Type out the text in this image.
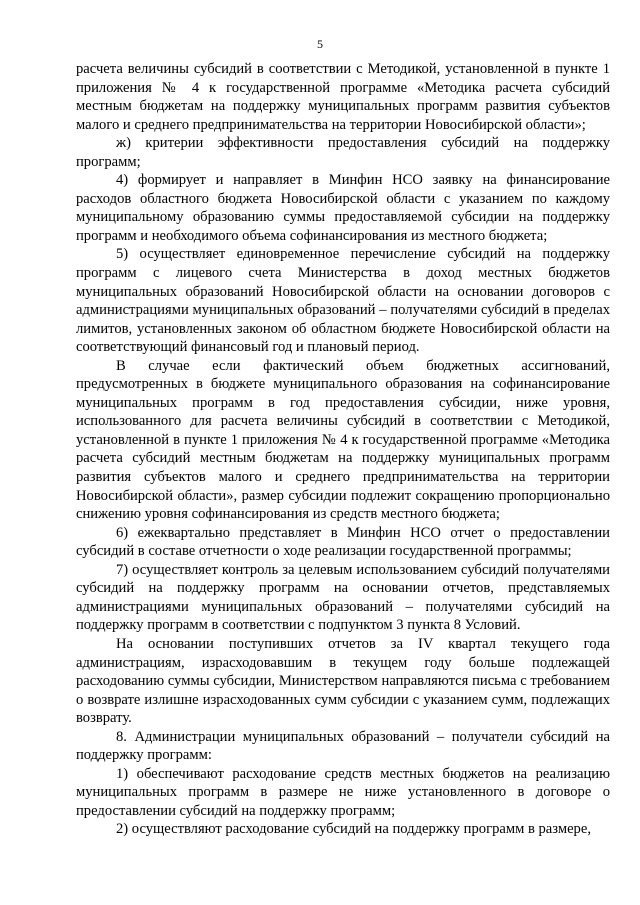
5

расчета величины субсидий в соответствии с Методикой, установленной в пункте 1 приложения № 4 к государственной программе «Методика расчета субсидий местным бюджетам на поддержку муниципальных программ развития субъектов малого и среднего предпринимательства на территории Новосибирской области»;

ж) критерии эффективности предоставления субсидий на поддержку программ;

4) формирует и направляет в Минфин НСО заявку на финансирование расходов областного бюджета Новосибирской области с указанием по каждому муниципальному образованию суммы предоставляемой субсидии на поддержку программ и необходимого объема софинансирования из местного бюджета;

5) осуществляет единовременное перечисление субсидий на поддержку программ с лицевого счета Министерства в доход местных бюджетов муниципальных образований Новосибирской области на основании договоров с администрациями муниципальных образований – получателями субсидий в пределах лимитов, установленных законом об областном бюджете Новосибирской области на соответствующий финансовый год и плановый период.

В случае если фактический объем бюджетных ассигнований, предусмотренных в бюджете муниципального образования на софинансирование муниципальных программ в год предоставления субсидии, ниже уровня, использованного для расчета величины субсидий в соответствии с Методикой, установленной в пункте 1 приложения № 4 к государственной программе «Методика расчета субсидий местным бюджетам на поддержку муниципальных программ развития субъектов малого и среднего предпринимательства на территории Новосибирской области», размер субсидии подлежит сокращению пропорционально снижению уровня софинансирования из средств местного бюджета;

6) ежеквартально представляет в Минфин НСО отчет о предоставлении субсидий в составе отчетности о ходе реализации государственной программы;

7) осуществляет контроль за целевым использованием субсидий получателями субсидий на поддержку программ на основании отчетов, представляемых администрациями муниципальных образований – получателями субсидий на поддержку программ в соответствии с подпунктом 3 пункта 8 Условий.

На основании поступивших отчетов за IV квартал текущего года администрациям, израсходовавшим в текущем году больше подлежащей расходованию суммы субсидии, Министерством направляются письма с требованием о возврате излишне израсходованных сумм субсидии с указанием сумм, подлежащих возврату.

8. Администрации муниципальных образований – получатели субсидий на поддержку программ:

1) обеспечивают расходование средств местных бюджетов на реализацию муниципальных программ в размере не ниже установленного в договоре о предоставлении субсидий на поддержку программ;

2) осуществляют расходование субсидий на поддержку программ в размере,
